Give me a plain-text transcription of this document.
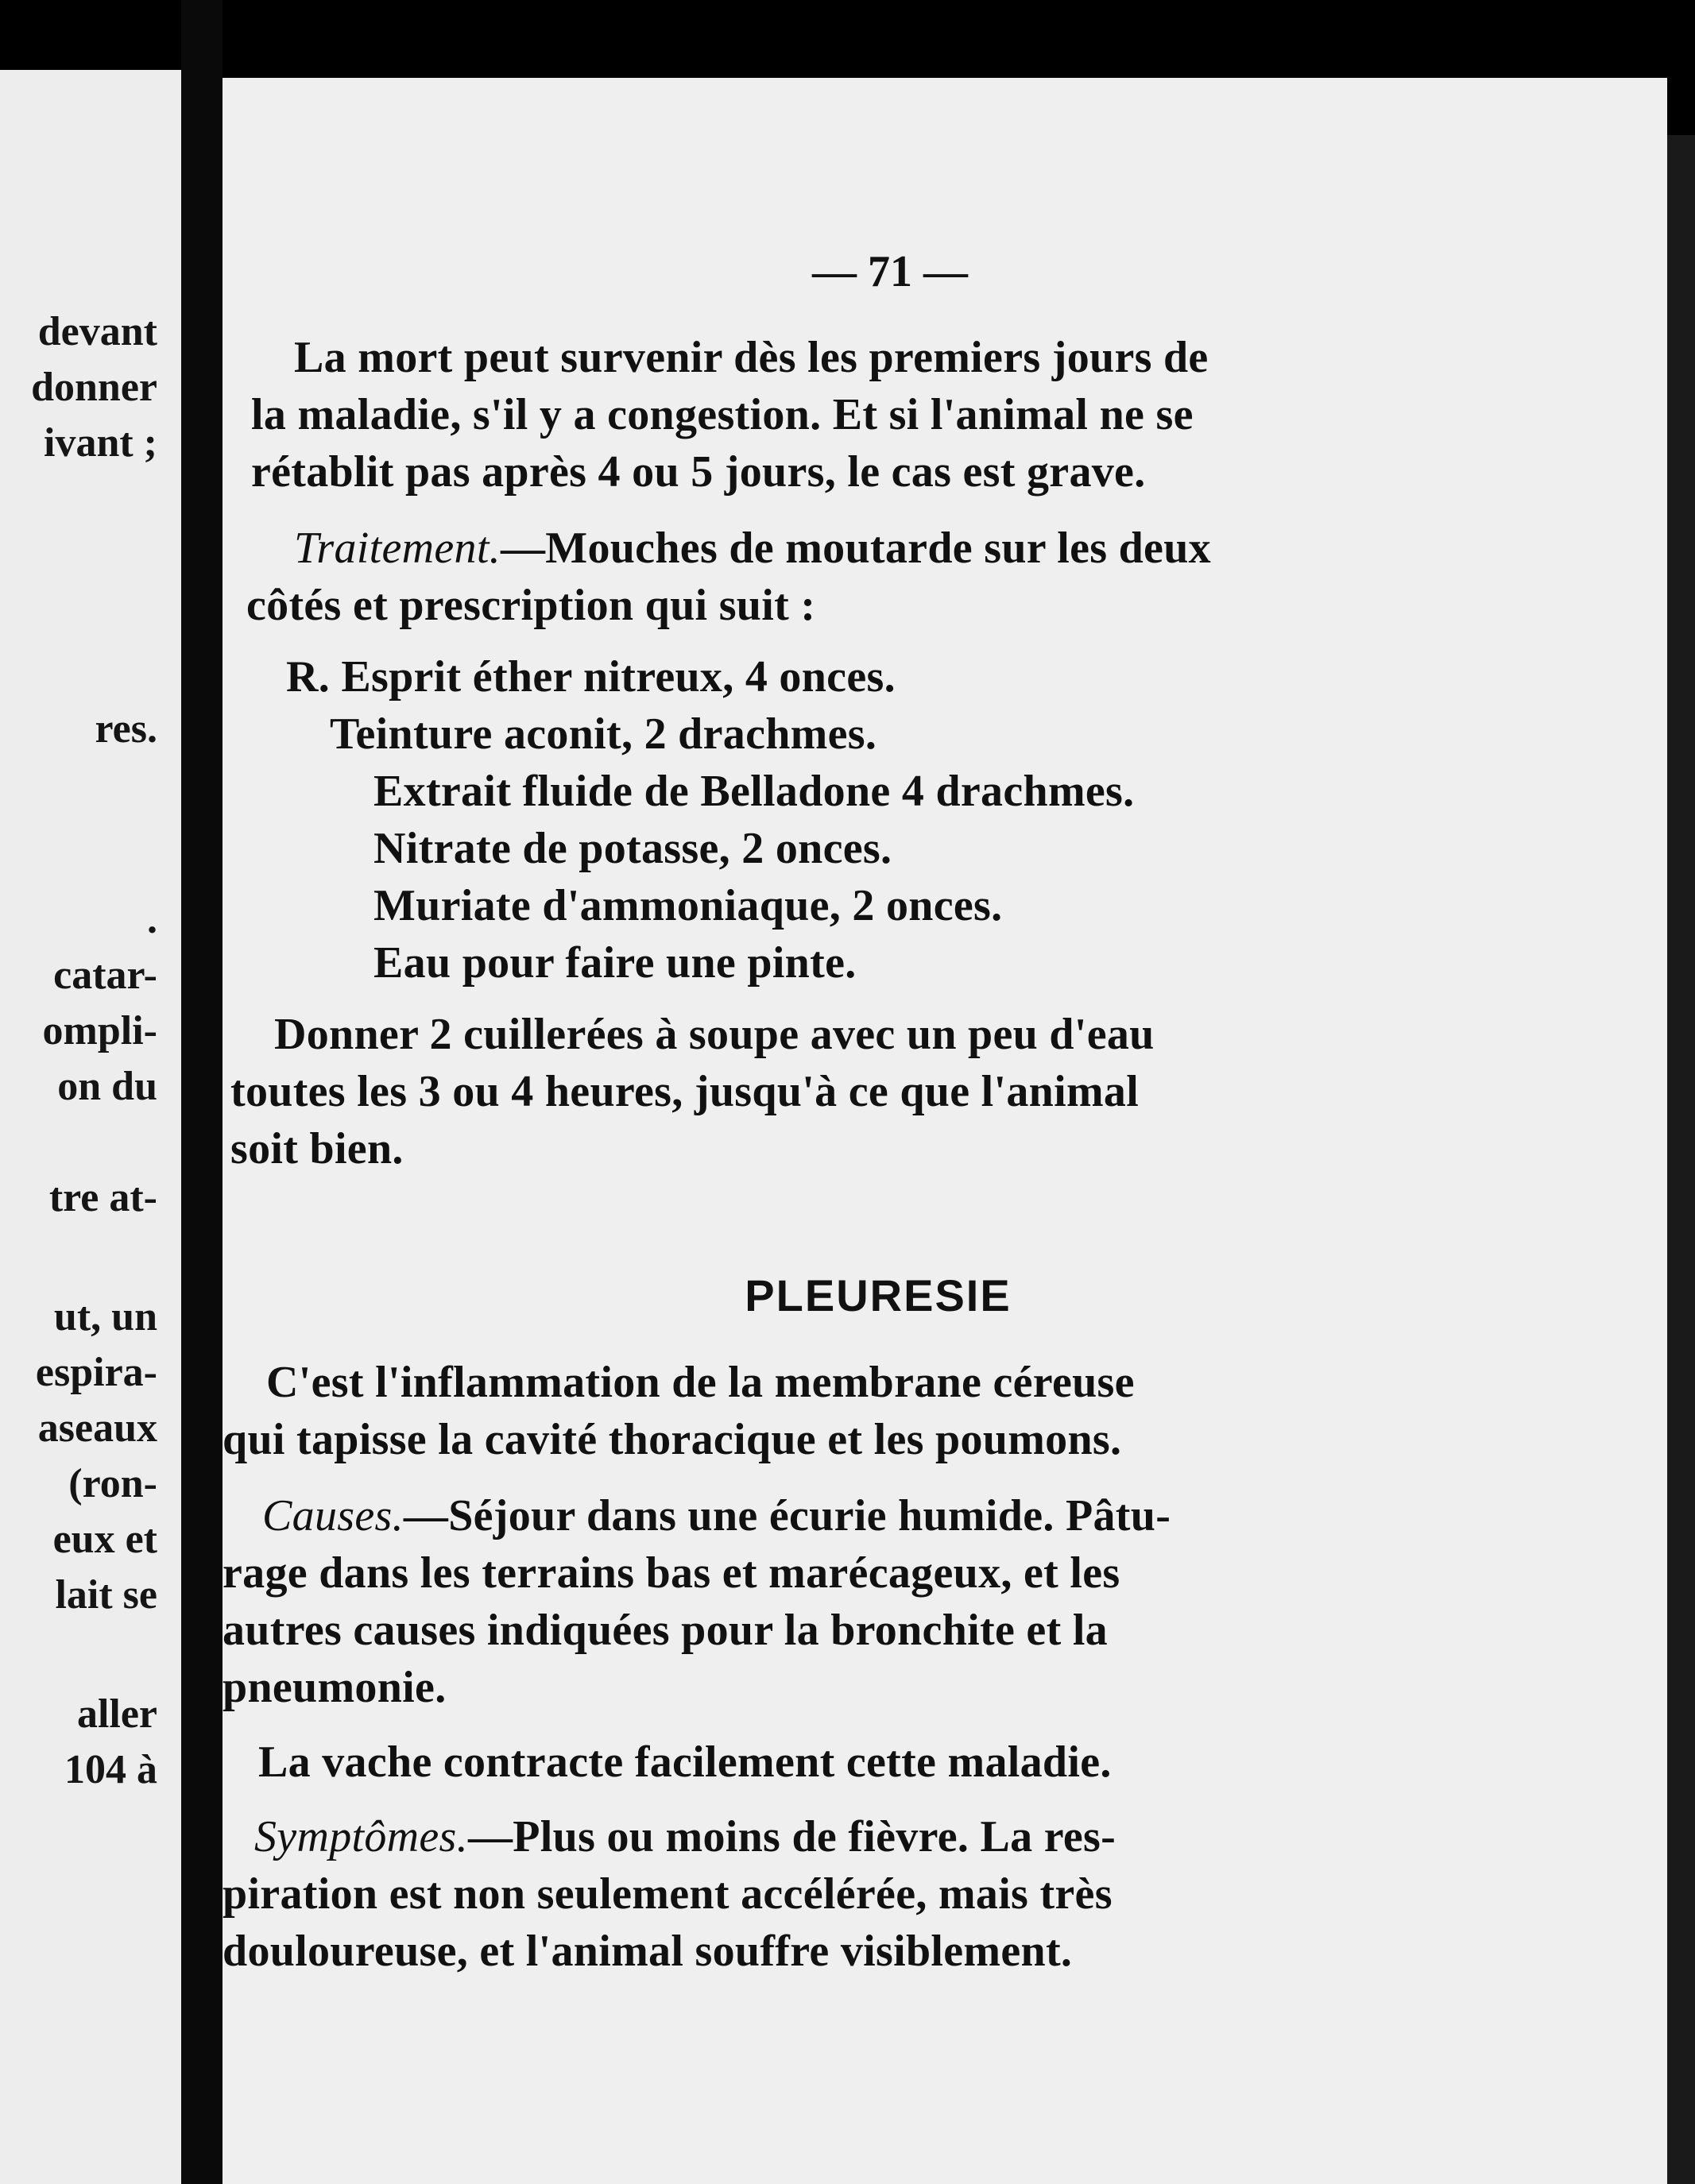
devant

donner

ivant ;

res.

.

catar-

ompli-

on du

tre at-

ut, un

espira-

aseaux

(ron-

eux et

lait se

aller

104 à

— 71 —

La mort peut survenir dès les premiers jours de

la maladie, s'il y a congestion. Et si l'animal ne se

rétablit pas après 4 ou 5 jours, le cas est grave.

Traitement.—Mouches de moutarde sur les deux

côtés et prescription qui suit :

R. Esprit éther nitreux, 4 onces.

Teinture aconit, 2 drachmes.

Extrait fluide de Belladone 4 drachmes.

Nitrate de potasse, 2 onces.

Muriate d'ammoniaque, 2 onces.

Eau pour faire une pinte.

Donner 2 cuillerées à soupe avec un peu d'eau

toutes les 3 ou 4 heures, jusqu'à ce que l'animal

soit bien.

PLEURESIE

C'est l'inflammation de la membrane céreuse

qui tapisse la cavité thoracique et les poumons.

Causes.—Séjour dans une écurie humide. Pâtu-

rage dans les terrains bas et marécageux, et les

autres causes indiquées pour la bronchite et la

pneumonie.

La vache contracte facilement cette maladie.

Symptômes.—Plus ou moins de fièvre. La res-

piration est non seulement accélérée, mais très

douloureuse, et l'animal souffre visiblement.
